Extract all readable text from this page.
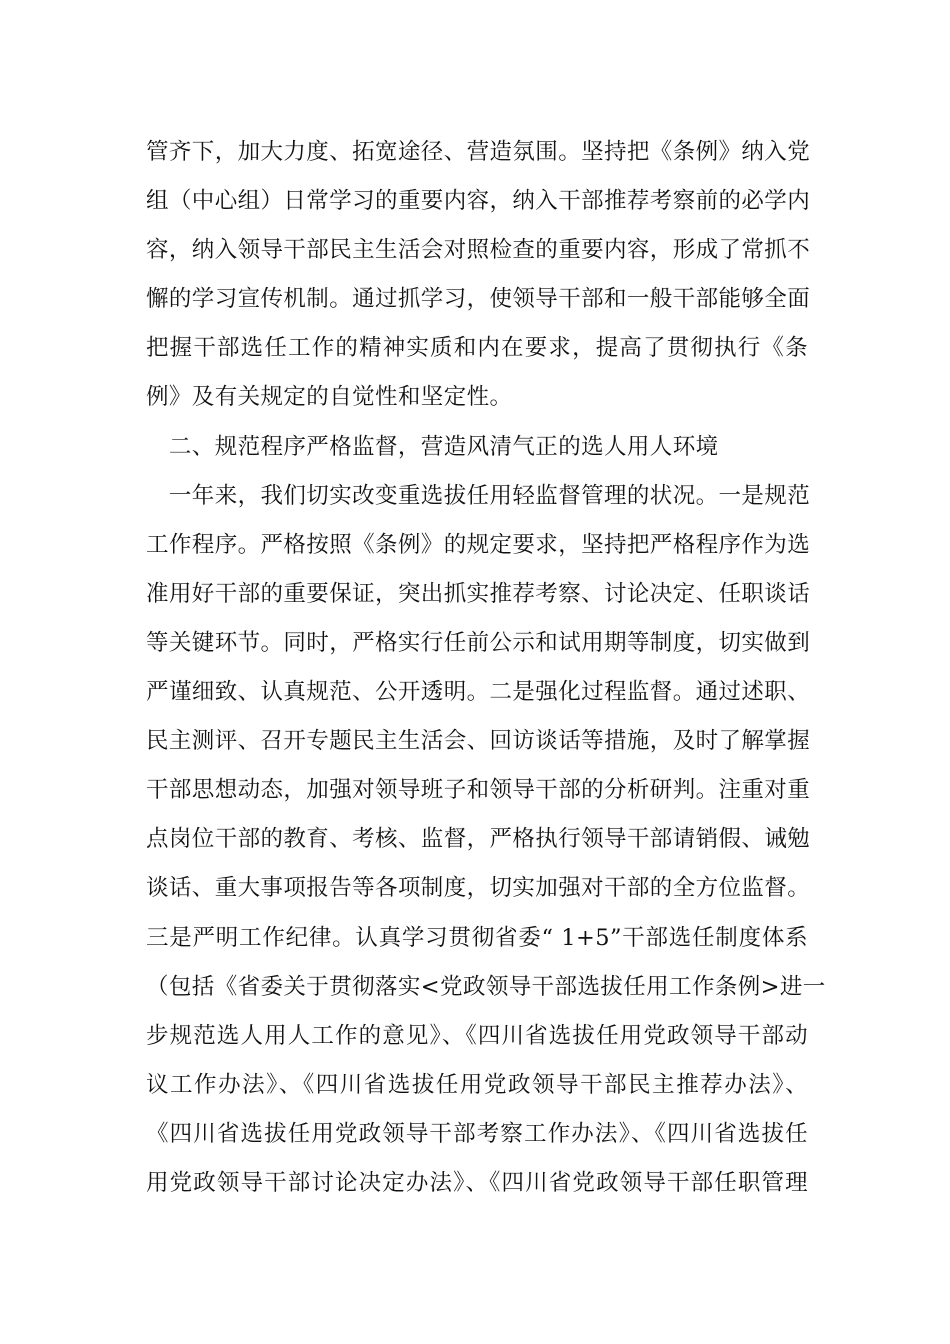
管齐下，加大力度、拓宽途径、营造氛围。坚持把《条例》纳入党
组（中心组）日常学习的重要内容，纳入干部推荐考察前的必学内
容，纳入领导干部民主生活会对照检查的重要内容，形成了常抓不
懈的学习宣传机制。通过抓学习，使领导干部和一般干部能够全面
把握干部选任工作的精神实质和内在要求，提高了贯彻执行《条
例》及有关规定的自觉性和坚定性。
　二、规范程序严格监督，营造风清气正的选人用人环境
　一年来，我们切实改变重选拔任用轻监督管理的状况。一是规范
工作程序。严格按照《条例》的规定要求，坚持把严格程序作为选
准用好干部的重要保证，突出抓实推荐考察、讨论决定、任职谈话
等关键环节。同时，严格实行任前公示和试用期等制度，切实做到
严谨细致、认真规范、公开透明。二是强化过程监督。通过述职、
民主测评、召开专题民主生活会、回访谈话等措施，及时了解掌握
干部思想动态，加强对领导班子和领导干部的分析研判。注重对重
点岗位干部的教育、考核、监督，严格执行领导干部请销假、诫勉
谈话、重大事项报告等各项制度，切实加强对干部的全方位监督。
三是严明工作纪律。认真学习贯彻省委“ 1+5”干部选任制度体系
（包括《省委关于贯彻落实<党政领导干部选拔任用工作条例>进一
步规范选人用人工作的意见》、《四川省选拔任用党政领导干部动
议工作办法》、《四川省选拔任用党政领导干部民主推荐办法》、
《四川省选拔任用党政领导干部考察工作办法》、《四川省选拔任
用党政领导干部讨论决定办法》、《四川省党政领导干部任职管理
